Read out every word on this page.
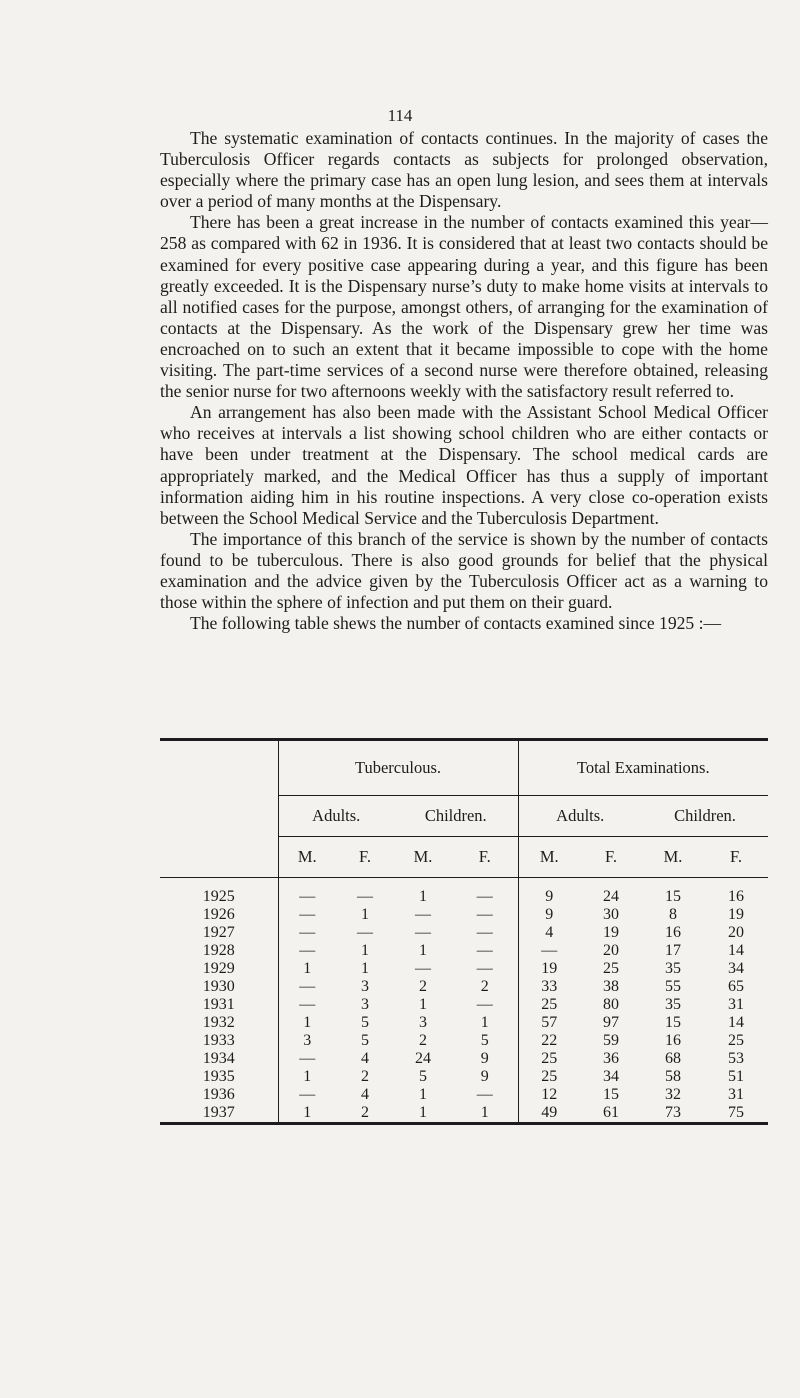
114

The systematic examination of contacts continues. In the majority of cases the Tuberculosis Officer regards contacts as subjects for prolonged observation, especially where the primary case has an open lung lesion, and sees them at intervals over a period of many months at the Dispensary.

There has been a great increase in the number of contacts examined this year—258 as compared with 62 in 1936. It is considered that at least two contacts should be examined for every positive case appearing during a year, and this figure has been greatly exceeded. It is the Dispensary nurse’s duty to make home visits at intervals to all notified cases for the purpose, amongst others, of arranging for the examination of contacts at the Dispensary. As the work of the Dispensary grew her time was encroached on to such an extent that it became impossible to cope with the home visiting. The part-time services of a second nurse were therefore obtained, releasing the senior nurse for two afternoons weekly with the satisfactory result referred to.

An arrangement has also been made with the Assistant School Medical Officer who receives at intervals a list showing school children who are either contacts or have been under treatment at the Dispensary. The school medical cards are appropriately marked, and the Medical Officer has thus a supply of important information aiding him in his routine inspections. A very close co-operation exists between the School Medical Service and the Tuberculosis Department.

The importance of this branch of the service is shown by the number of contacts found to be tuberculous. There is also good grounds for belief that the physical examination and the advice given by the Tuberculosis Officer act as a warning to those within the sphere of infection and put them on their guard.

The following table shews the number of contacts examined since 1925 :—

	Tuberculous.				Total Examinations.			
	Adults.		Children.		Adults.		Children.	
	M.	F.	M.	F.	M.	F.	M.	F.
1925	—	—	1	—	9	24	15	16
1926	—	1	—	—	9	30	8	19
1927	—	—	—	—	4	19	16	20
1928	—	1	1	—	—	20	17	14
1929	1	1	—	—	19	25	35	34
1930	—	3	2	2	33	38	55	65
1931	—	3	1	—	25	80	35	31
1932	1	5	3	1	57	97	15	14
1933	3	5	2	5	22	59	16	25
1934	—	4	24	9	25	36	68	53
1935	1	2	5	9	25	34	58	51
1936	—	4	1	—	12	15	32	31
1937	1	2	1	1	49	61	73	75
